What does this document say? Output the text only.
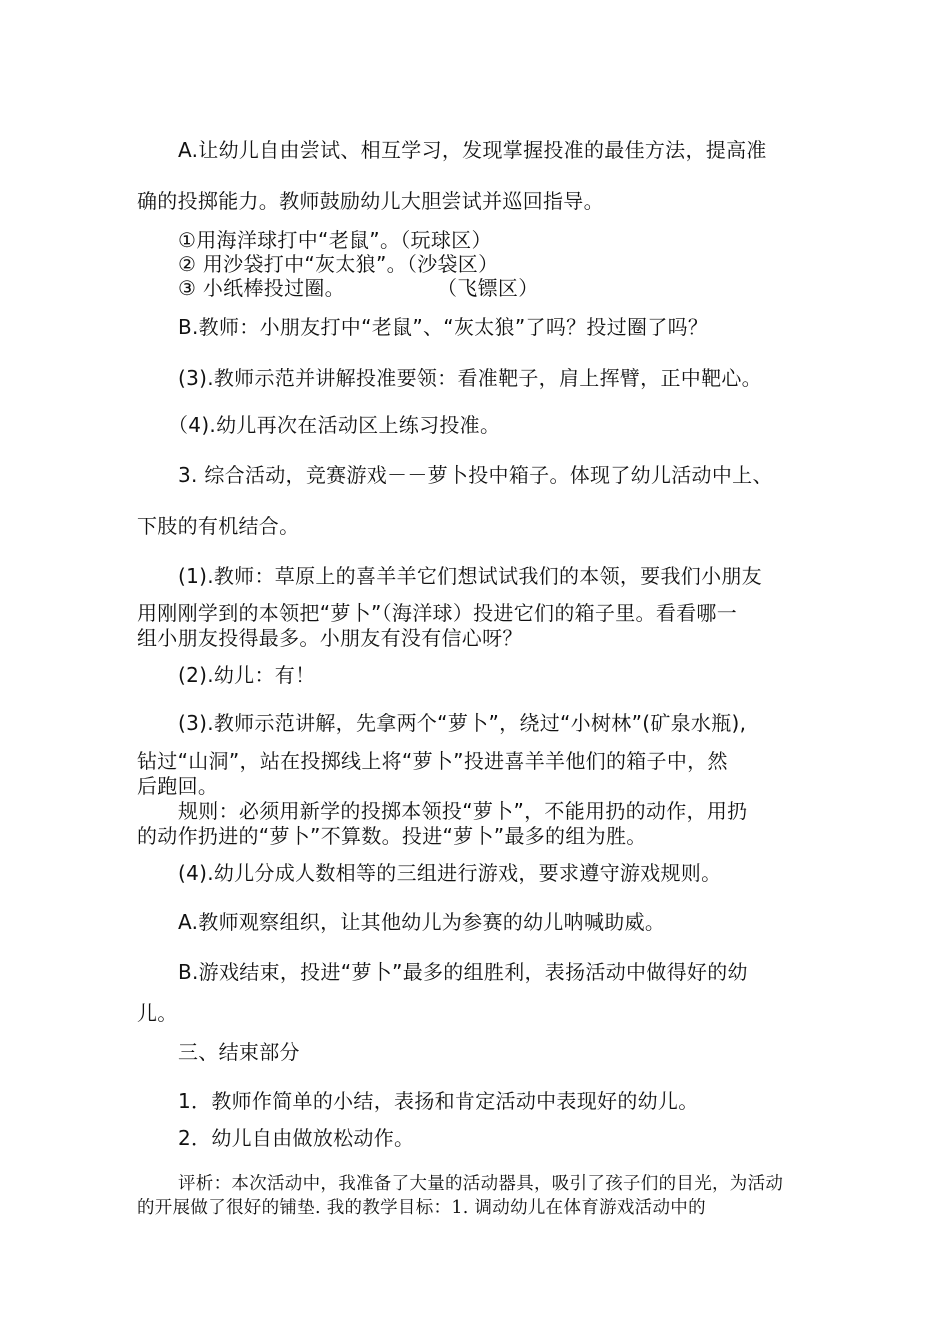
A.让幼儿自由尝试、相互学习，发现掌握投准的最佳方法，提高准
确的投掷能力。教师鼓励幼儿大胆尝试并巡回指导。
①用海洋球打中“老鼠”。（玩球区）
② 用沙袋打中“灰太狼”。（沙袋区）
③ 小纸棒投过圈。	（飞镖区）
B.教师：小朋友打中“老鼠”、“灰太狼”了吗？投过圈了吗？
(3).教师示范并讲解投准要领：看准靶子，肩上挥臂，正中靶心。
（4).幼儿再次在活动区上练习投准。
3. 综合活动，竞赛游戏－－萝卜投中箱子。体现了幼儿活动中上、
下肢的有机结合。
(1).教师：草原上的喜羊羊它们想试试我们的本领，要我们小朋友
用刚刚学到的本领把“萝卜”（海洋球）投进它们的箱子里。看看哪一
组小朋友投得最多。小朋友有没有信心呀？
(2).幼儿：有！
(3).教师示范讲解，先拿两个“萝卜”，绕过“小树林”(矿泉水瓶),
钻过“山洞”，站在投掷线上将“萝卜”投进喜羊羊他们的箱子中，然
后跑回。
规则：必须用新学的投掷本领投“萝卜”，不能用扔的动作，用扔
的动作扔进的“萝卜”不算数。投进“萝卜”最多的组为胜。
(4).幼儿分成人数相等的三组进行游戏，要求遵守游戏规则。
A.教师观察组织，让其他幼儿为参赛的幼儿呐喊助威。
B.游戏结束，投进“萝卜”最多的组胜利，表扬活动中做得好的幼
儿。
三、结束部分
1．教师作简单的小结，表扬和肯定活动中表现好的幼儿。
2．幼儿自由做放松动作。
评析：本次活动中，我准备了大量的活动器具，吸引了孩子们的目光，为活动
的开展做了很好的铺垫. 我的教学目标：1. 调动幼儿在体育游戏活动中的
